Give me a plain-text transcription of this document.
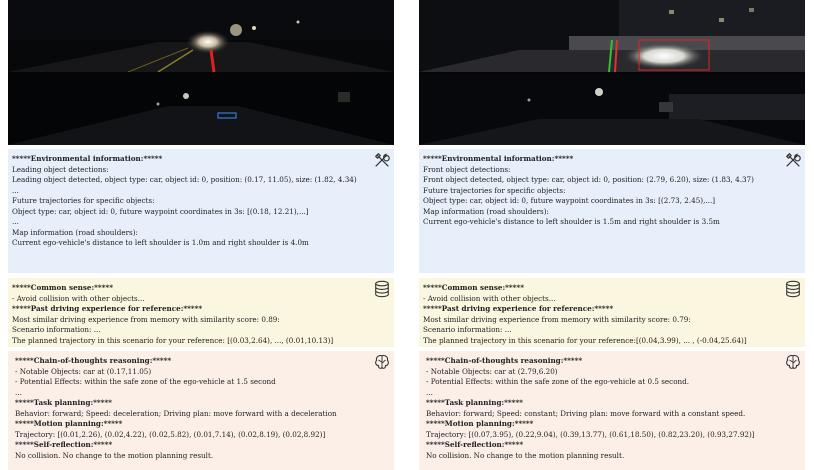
*****Environmental information:*****
Leading object detections:
Leading object detected, object type: car, object id: 0, position: (0.17, 11.05), size: (1.82, 4.34)
...
Future trajectories for specific objects:
Object type: car, object id: 0, future waypoint coordinates in 3s: [(0.18, 12.21),...]
...
Map information (road shoulders):
Current ego-vehicle's distance to left shoulder is 1.0m and right shoulder is 4.0m
*****Common sense:*****
- Avoid collision with other objects...
*****Past driving experience for reference:*****
Most similar driving experience from memory with similarity score: 0.89:
Scenario information: ...
The planned trajectory in this scenario for your reference: [(0.03,2.64), ..., (0.01,10.13)]
*****Chain-of-thoughts reasoning:*****
- Notable Objects: car at (0.17,11.05)
- Potential Effects: within the safe zone of the ego-vehicle at 1.5 second
...
*****Task planning:*****
Behavior: forward; Speed: deceleration; Driving plan: move forward with a deceleration
*****Motion planning:*****
Trajectory: [(0.01,2.26), (0.02,4.22), (0.02,5.82), (0.01,7.14), (0.02,8.19), (0.02,8.92)]
*****Self-reflection:*****
No collision. No change to the motion planning result.
*****Environmental information:*****
Front object detections:
Front object detected, object type: car, object id: 0, position: (2.79, 6.20), size: (1.83, 4.37)
Future trajectories for specific objects:
Object type: car, object id: 0, future waypoint coordinates in 3s: [(2.73, 2.45),...]
Map information (road shoulders):
Current ego-vehicle's distance to left shoulder is 1.5m and right shoulder is 3.5m
*****Common sense:*****
- Avoid collision with other objects...
*****Past driving experience for reference:*****
Most similar driving experience from memory with similarity score: 0.79:
Scenario information: ...
The planned trajectory in this scenario for your reference:[(0.04,3.99), ... , (-0.04,25.64)]
*****Chain-of-thoughts reasoning:*****
- Notable Objects: car at (2.79,6.20)
- Potential Effects: within the safe zone of the ego-vehicle at 0.5 second.
...
*****Task planning:*****
Behavior: forward; Speed: constant; Driving plan: move forward with a constant speed.
*****Motion planning:*****
Trajectory: [(0.07,3.95), (0.22,9.04), (0.39,13.77), (0.61,18.50), (0.82,23.20), (0.93,27.92)]
*****Self-reflection:*****
No collision. No change to the motion planning result.
